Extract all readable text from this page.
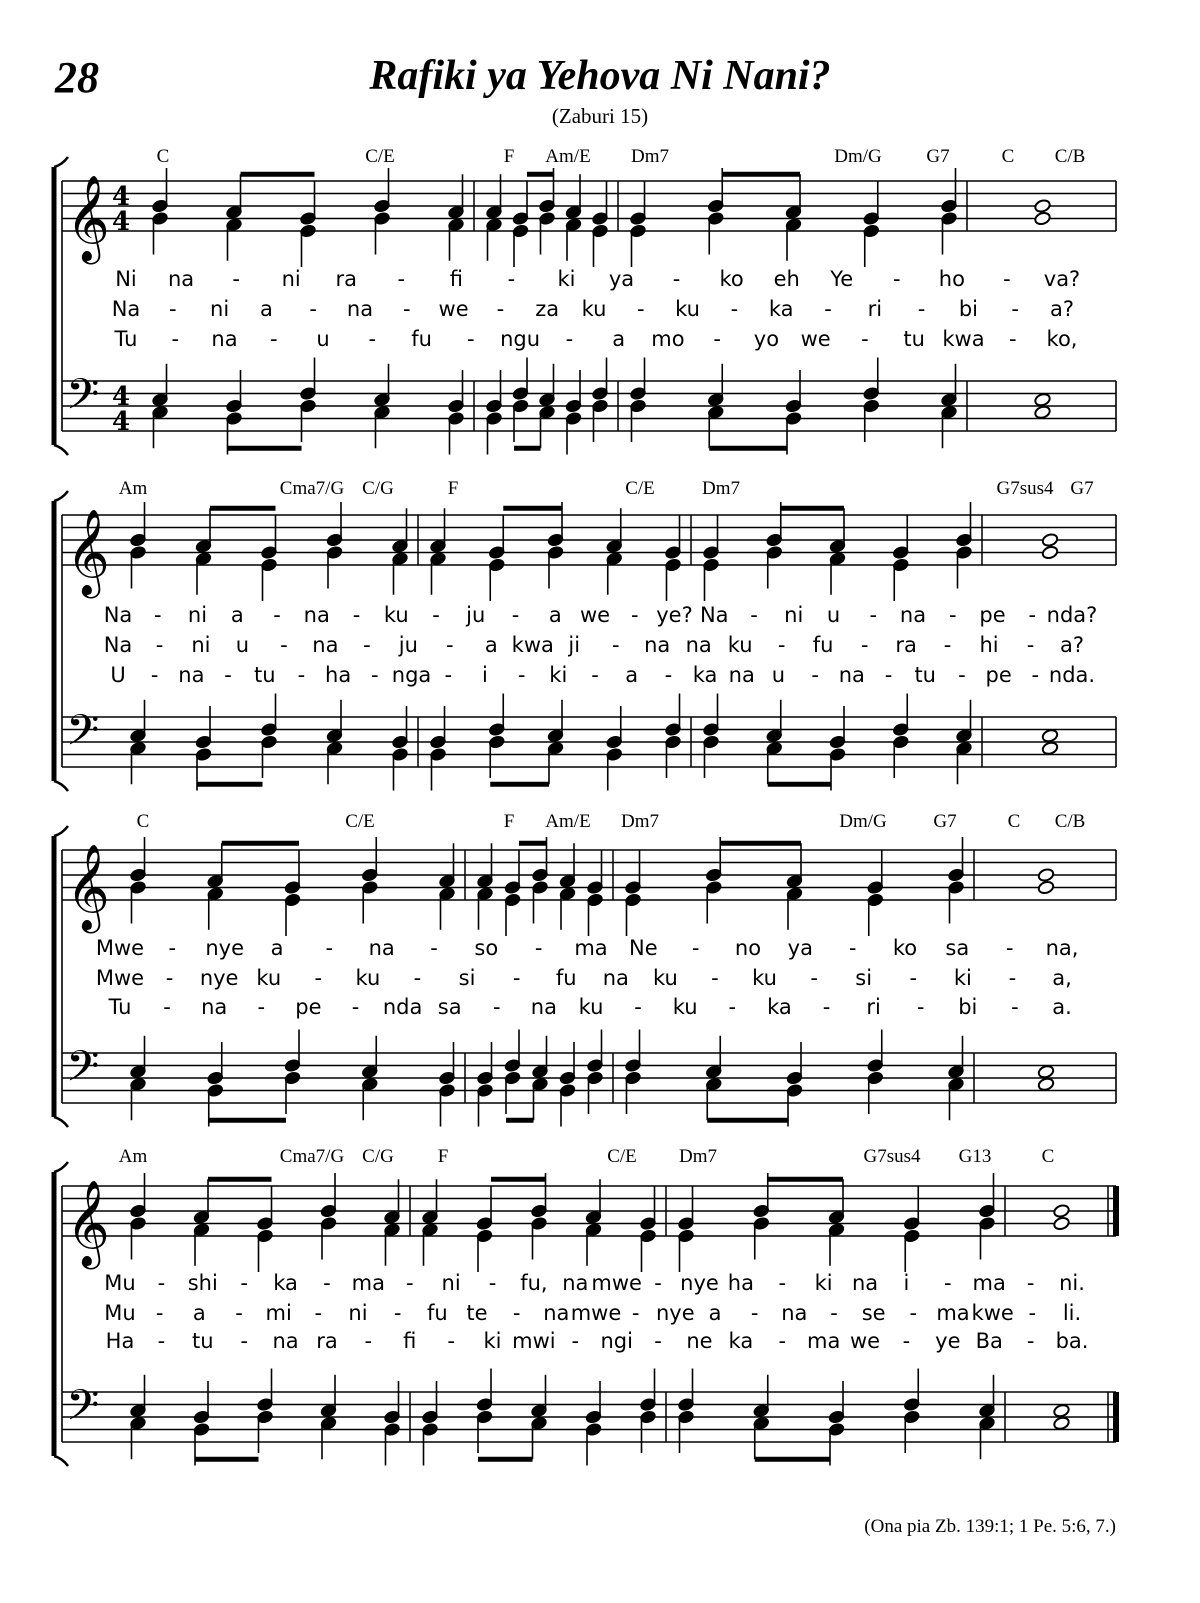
28	Rafiki ya Yehova Ni Nani?
(Zaburi 15)
(Ona pia Zb. 139:1; 1 Pe. 5:6, 7.)
C	C/E	F Am/E Dm7	Dm/G G7	C C/B
𝄞
𝄢
4
4
4
4
Ni na - ni ra - fi - ki ya - ko eh Ye - ho - va?
Na - ni a - na - we - za ku - ku - ka - ri - bi - a?
Tu - na - u - fu - ngu - a mo - yo we - tu kwa - ko,
Am	Cma7/G C/G	F	C/E Dm7	G7sus4 G7
𝄞
𝄢
Na - ni a - na - ku - ju - a we - ye? Na - ni u - na - pe - nda?
Na - ni u - na - ju - a kwa ji - na na ku - fu - ra - hi - a?
U - na - tu - ha - nga - i - ki - a - ka na u - na - tu - pe - nda.
C	C/E	F Am/E Dm7	Dm/G G7	C C/B
𝄞
𝄢
Mwe - nye a - na - so - ma Ne - no ya - ko sa - na,
Mwe - nye ku - ku - si - fu na ku - ku - si - ki - a,
Tu - na - pe - nda sa - na ku - ku - ka - ri - bi - a.
Am	Cma7/G C/G F	C/E Dm7	G7sus4 G13	C
𝄞
𝄢
Mu - shi - ka - ma - ni - fu, na mwe - nye ha - ki na i - ma - ni.
Mu - a - mi - ni - fu te - na mwe - nye a - na - se - ma kwe - li.
Ha - tu - na ra - fi - ki mwi - ngi - ne ka - ma we - ye Ba - ba.
